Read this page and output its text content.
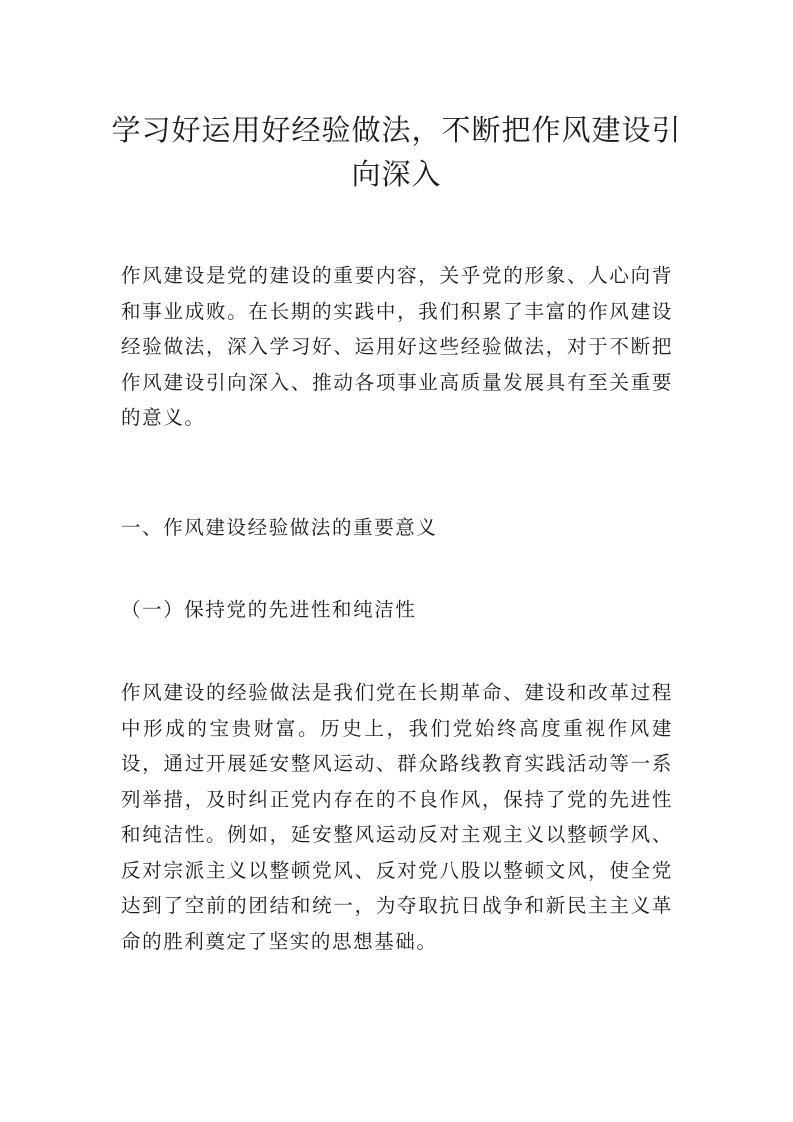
学习好运用好经验做法，不断把作风建设引向深入

作风建设是党的建设的重要内容，关乎党的形象、人心向背和事业成败。在长期的实践中，我们积累了丰富的作风建设经验做法，深入学习好、运用好这些经验做法，对于不断把作风建设引向深入、推动各项事业高质量发展具有至关重要的意义。

一、作风建设经验做法的重要意义

（一）保持党的先进性和纯洁性

作风建设的经验做法是我们党在长期革命、建设和改革过程中形成的宝贵财富。历史上，我们党始终高度重视作风建设，通过开展延安整风运动、群众路线教育实践活动等一系列举措，及时纠正党内存在的不良作风，保持了党的先进性和纯洁性。例如，延安整风运动反对主观主义以整顿学风、反对宗派主义以整顿党风、反对党八股以整顿文风，使全党达到了空前的团结和统一，为夺取抗日战争和新民主主义革命的胜利奠定了坚实的思想基础。
